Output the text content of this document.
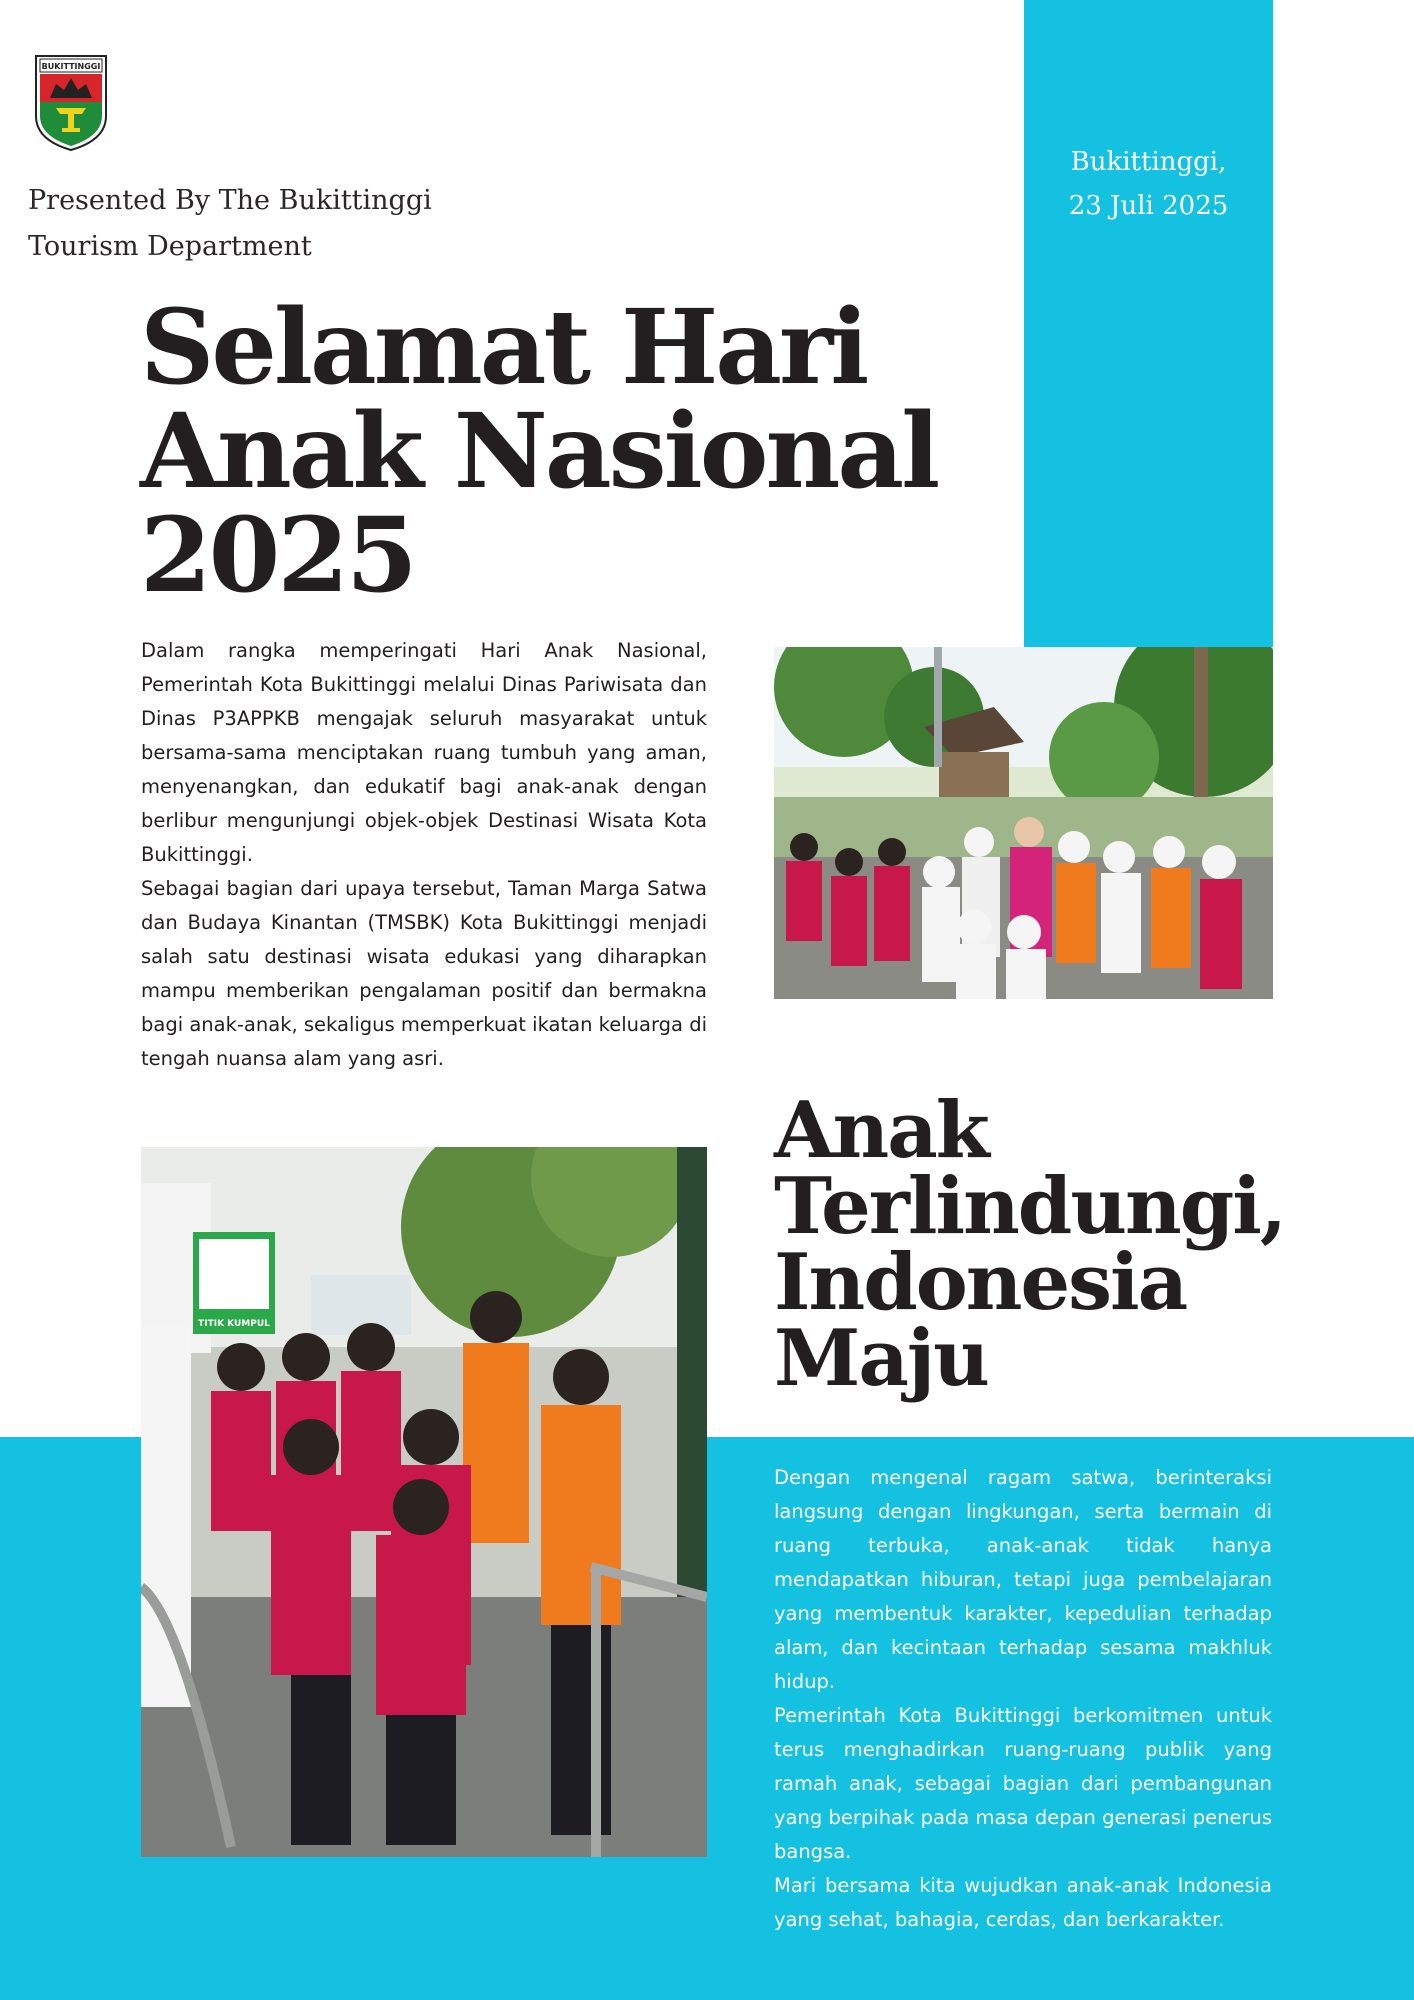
BUKITTINGGI
Presented By The Bukittinggi
Tourism Department
Bukittinggi,
23 Juli 2025
Selamat Hari
Anak Nasional
2025

Dalam rangka memperingati Hari Anak Nasional, Pemerintah Kota Bukittinggi melalui Dinas Pariwisata dan Dinas P3APPKB mengajak seluruh masyarakat untuk bersama-sama menciptakan ruang tumbuh yang aman, menyenangkan, dan edukatif bagi anak-anak dengan berlibur mengunjungi objek-objek Destinasi Wisata Kota Bukittinggi.

Sebagai bagian dari upaya tersebut, Taman Marga Satwa dan Budaya Kinantan (TMSBK) Kota Bukittinggi menjadi salah satu destinasi wisata edukasi yang diharapkan mampu memberikan pengalaman positif dan bermakna bagi anak-anak, sekaligus memperkuat ikatan keluarga di tengah nuansa alam yang asri.

TITIK KUMPUL
Anak
Terlindungi,
Indonesia
Maju

Dengan mengenal ragam satwa, berinteraksi langsung dengan lingkungan, serta bermain di ruang terbuka, anak-anak tidak hanya mendapatkan hiburan, tetapi juga pembelajaran yang membentuk karakter, kepedulian terhadap alam, dan kecintaan terhadap sesama makhluk hidup.

Pemerintah Kota Bukittinggi berkomitmen untuk terus menghadirkan ruang-ruang publik yang ramah anak, sebagai bagian dari pembangunan yang berpihak pada masa depan generasi penerus bangsa.

Mari bersama kita wujudkan anak-anak Indonesia yang sehat, bahagia, cerdas, dan berkarakter.
